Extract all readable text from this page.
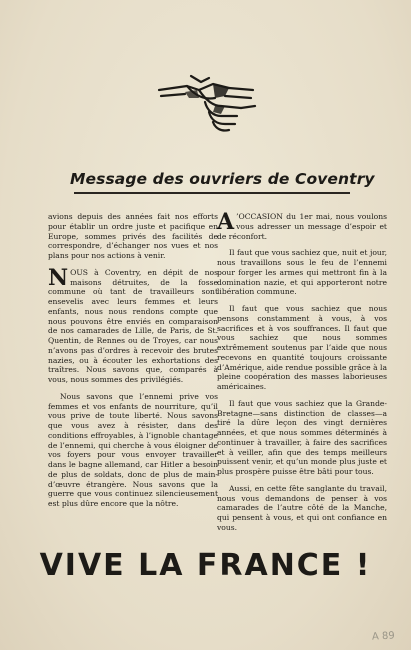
Message des ouvriers de Coventry

avions depuis des années fait nos efforts pour établir un ordre juste et pacifique en Europe, sommes privés des facilités de correspondre, d’échanger nos vues et nos plans pour nos actions à venir.

NOUS à Coventry, en dépit de nos maisons détruites, de la fosse commune où tant de travailleurs sont ensevelis avec leurs femmes et leurs enfants, nous nous rendons compte que nous pouvons être enviés en comparaison de nos camarades de Lille, de Paris, de St. Quentin, de Rennes ou de Troyes, car nous n’avons pas d’ordres à recevoir des brutes nazies, ou à écouter les exhortations des traîtres. Nous savons que, comparés à vous, nous sommes des privilégiés.

Nous savons que l’ennemi prive vos femmes et vos enfants de nourriture, qu’il vous prive de toute liberté. Nous savons que vous avez à résister, dans des conditions effroyables, à l’ignoble chantage de l’ennemi, qui cherche à vous éloigner de vos foyers pour vous envoyer travailler dans le bagne allemand, car Hitler a besoin de plus de soldats, donc de plus de main-d’œuvre étrangère. Nous savons que la guerre que vous continuez silencieusement est plus dûre encore que la nôtre.

A ’OCCASION du 1er mai, nous voulons vous adresser un message d’espoir et de réconfort.

Il faut que vous sachiez que, nuit et jour, nous travaillons sous le feu de l’ennemi pour forger les armes qui mettront fin à la domination nazie, et qui apporteront notre libération commune.

Il faut que vous sachiez que nous pensons constamment à vous, à vos sacrifices et à vos souffrances. Il faut que vous sachiez que nous sommes extrêmement soutenus par l’aide que nous recevons en quantité toujours croissante d’Amérique, aide rendue possible grâce à la pleine coopération des masses laborieuses américaines.

Il faut que vous sachiez que la Grande-Bretagne—sans distinction de classes—a tiré la dûre leçon des vingt dernières années, et que nous sommes déterminés à continuer à travailler, à faire des sacrifices et à veiller, afin que des temps meilleurs puissent venir, et qu’un monde plus juste et plus prospère puisse être bâti pour tous.

Aussi, en cette fête sanglante du travail, nous vous demandons de penser à vos camarades de l’autre côté de la Manche, qui pensent à vous, et qui ont confiance en vous.

VIVE LA FRANCE !
A 89
